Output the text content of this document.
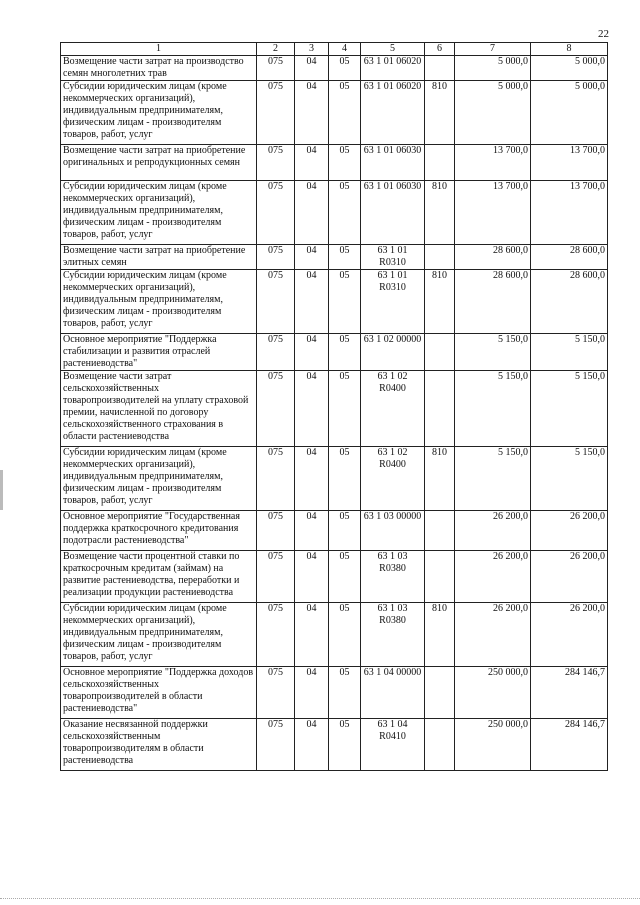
22
1	2	3	4	5	6	7	8
Возмещение части затрат на производство семян многолетних трав	075	04	05	63 1 01 06020		5 000,0	5 000,0
Субсидии юридическим лицам (кроме некоммерческих организаций), индивидуальным предпринимателям, физическим лицам - производителям товаров, работ, услуг	075	04	05	63 1 01 06020	810	5 000,0	5 000,0
Возмещение части затрат на приобретение оригинальных и репродукционных семян	075	04	05	63 1 01 06030		13 700,0	13 700,0
Субсидии юридическим лицам (кроме некоммерческих организаций), индивидуальным предпринимателям, физическим лицам - производителям товаров, работ, услуг	075	04	05	63 1 01 06030	810	13 700,0	13 700,0
Возмещение части затрат на приобретение элитных семян	075	04	05	63 1 01 R0310		28 600,0	28 600,0
Субсидии юридическим лицам (кроме некоммерческих организаций), индивидуальным предпринимателям, физическим лицам - производителям товаров, работ, услуг	075	04	05	63 1 01 R0310	810	28 600,0	28 600,0
Основное мероприятие "Поддержка стабилизации и развития отраслей растениеводства"	075	04	05	63 1 02 00000		5 150,0	5 150,0
Возмещение части затрат сельскохозяйственных товаропроизводителей на уплату страховой премии, начисленной по договору сельскохозяйственного страхования в области растениеводства	075	04	05	63 1 02 R0400		5 150,0	5 150,0
Субсидии юридическим лицам (кроме некоммерческих организаций), индивидуальным предпринимателям, физическим лицам - производителям товаров, работ, услуг	075	04	05	63 1 02 R0400	810	5 150,0	5 150,0
Основное мероприятие "Государственная поддержка краткосрочного кредитования подотрасли растениеводства"	075	04	05	63 1 03 00000		26 200,0	26 200,0
Возмещение части процентной ставки по краткосрочным кредитам (займам) на развитие растениеводства, переработки и реализации продукции растениеводства	075	04	05	63 1 03 R0380		26 200,0	26 200,0
Субсидии юридическим лицам (кроме некоммерческих организаций), индивидуальным предпринимателям, физическим лицам - производителям товаров, работ, услуг	075	04	05	63 1 03 R0380	810	26 200,0	26 200,0
Основное мероприятие "Поддержка доходов сельскохозяйственных товаропроизводителей в области растениеводства"	075	04	05	63 1 04 00000		250 000,0	284 146,7
Оказание несвязанной поддержки сельскохозяйственным товаропроизводителям в области растениеводства	075	04	05	63 1 04 R0410		250 000,0	284 146,7
